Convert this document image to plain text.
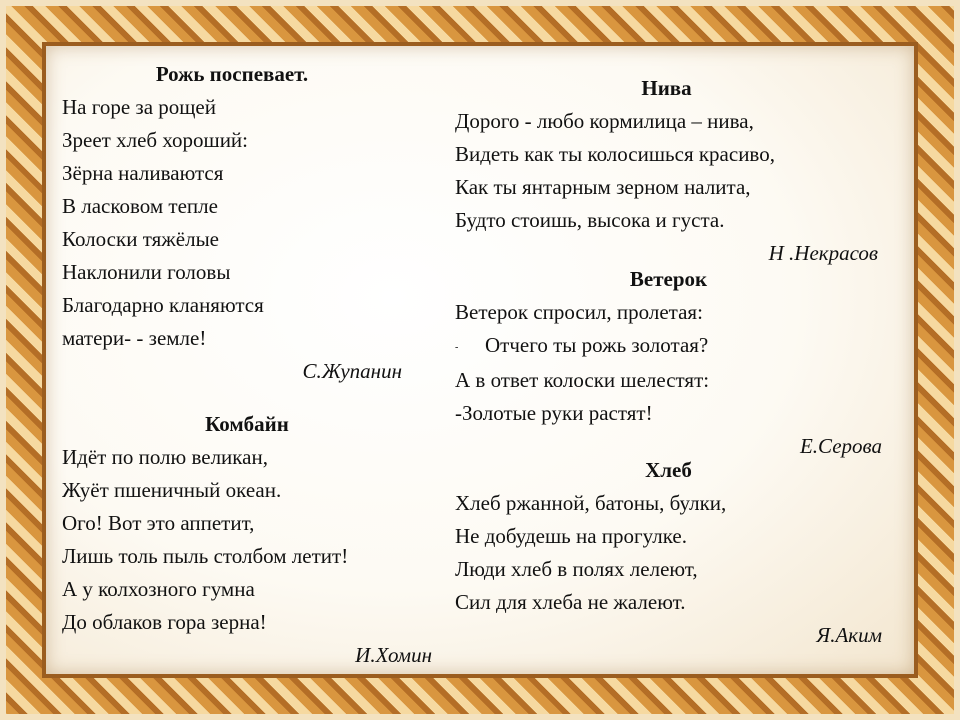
Рожь поспевает.
На горе за рощей
Зреет хлеб хороший:
Зёрна наливаются
В ласковом тепле
Колоски тяжёлые
Наклонили головы
Благодарно кланяются
матери- - земле!
С.Жупанин
Комбайн
Идёт по полю великан,
Жуёт пшеничный океан.
Ого! Вот это аппетит,
Лишь толь пыль столбом летит!
А у колхозного гумна
До облаков гора зерна!
И.Хомин
Нива
Дорого - любо кормилица – нива,
Видеть как ты колосишься красиво,
Как ты янтарным зерном налита,
Будто стоишь, высока и густа.
Н .Некрасов
Ветерок
Ветерок спросил, пролетая:
- Отчего ты рожь золотая?
А в ответ колоски шелестят:
-Золотые руки растят!
Е.Серова
Хлеб
Хлеб ржанной, батоны, булки,
Не добудешь на прогулке.
Люди хлеб в полях лелеют,
Сил для хлеба не жалеют.
Я.Аким
